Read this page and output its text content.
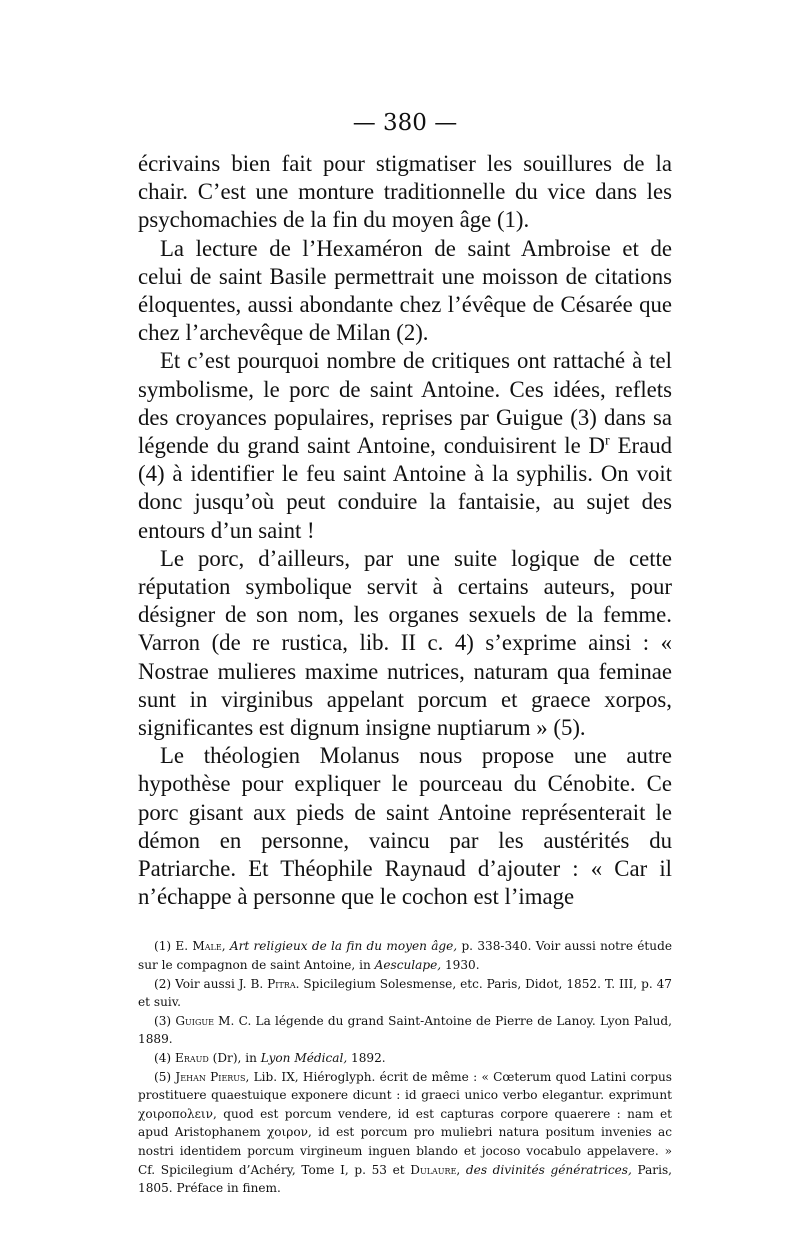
— 380 —

écrivains bien fait pour stigmatiser les souillures de la chair. C’est une monture traditionnelle du vice dans les psychomachies de la fin du moyen âge (1).

La lecture de l’Hexaméron de saint Ambroise et de celui de saint Basile permettrait une moisson de citations éloquentes, aussi abondante chez l’évêque de Césarée que chez l’archevêque de Milan (2).

Et c’est pourquoi nombre de critiques ont rattaché à tel symbolisme, le porc de saint Antoine. Ces idées, reflets des croyances populaires, reprises par Guigue (3) dans sa légende du grand saint Antoine, conduisirent le $D^r$ Eraud (4) à identifier le feu saint Antoine à la syphilis. On voit donc jusqu’où peut conduire la fantaisie, au sujet des entours d’un saint !

Le porc, d’ailleurs, par une suite logique de cette réputation symbolique servit à certains auteurs, pour désigner de son nom, les organes sexuels de la femme. Varron (de re rustica, lib. II c. 4) s’exprime ainsi : « Nostrae mulieres maxime nutrices, naturam qua feminae sunt in virginibus appelant porcum et graece xorpos, significantes est dignum insigne nuptiarum » (5).

Le théologien Molanus nous propose une autre hypothèse pour expliquer le pourceau du Cénobite. Ce porc gisant aux pieds de saint Antoine représenterait le démon en personne, vaincu par les austérités du Patriarche. Et Théophile Raynaud d’ajouter : « Car il n’échappe à personne que le cochon est l’image

(1) E. Male, Art religieux de la fin du moyen âge, p. 338-340. Voir aussi notre étude sur le compagnon de saint Antoine, in Aesculape, 1930.

(2) Voir aussi J. B. Pitra. Spicilegium Solesmense, etc. Paris, Didot, 1852. T. III, p. 47 et suiv.

(3) Guigue M. C. La légende du grand Saint-Antoine de Pierre de Lanoy. Lyon Palud, 1889.

(4) Eraud (Dr), in Lyon Médical, 1892.

(5) Jehan Pierus, Lib. IX, Hiéroglyph. écrit de même : « Cœterum quod Latini corpus prostituere quaestuique exponere dicunt : id graeci unico verbo elegantur. exprimunt χοιροπολειν, quod est porcum vendere, id est capturas corpore quaerere : nam et apud Aristophanem χοιρον, id est porcum pro muliebri natura positum invenies ac nostri identidem porcum virgineum inguen blando et jocoso vocabulo appelavere. » Cf. Spicilegium d’Achéry, Tome I, p. 53 et Dulaure, des divinités génératrices, Paris, 1805. Préface in finem.
